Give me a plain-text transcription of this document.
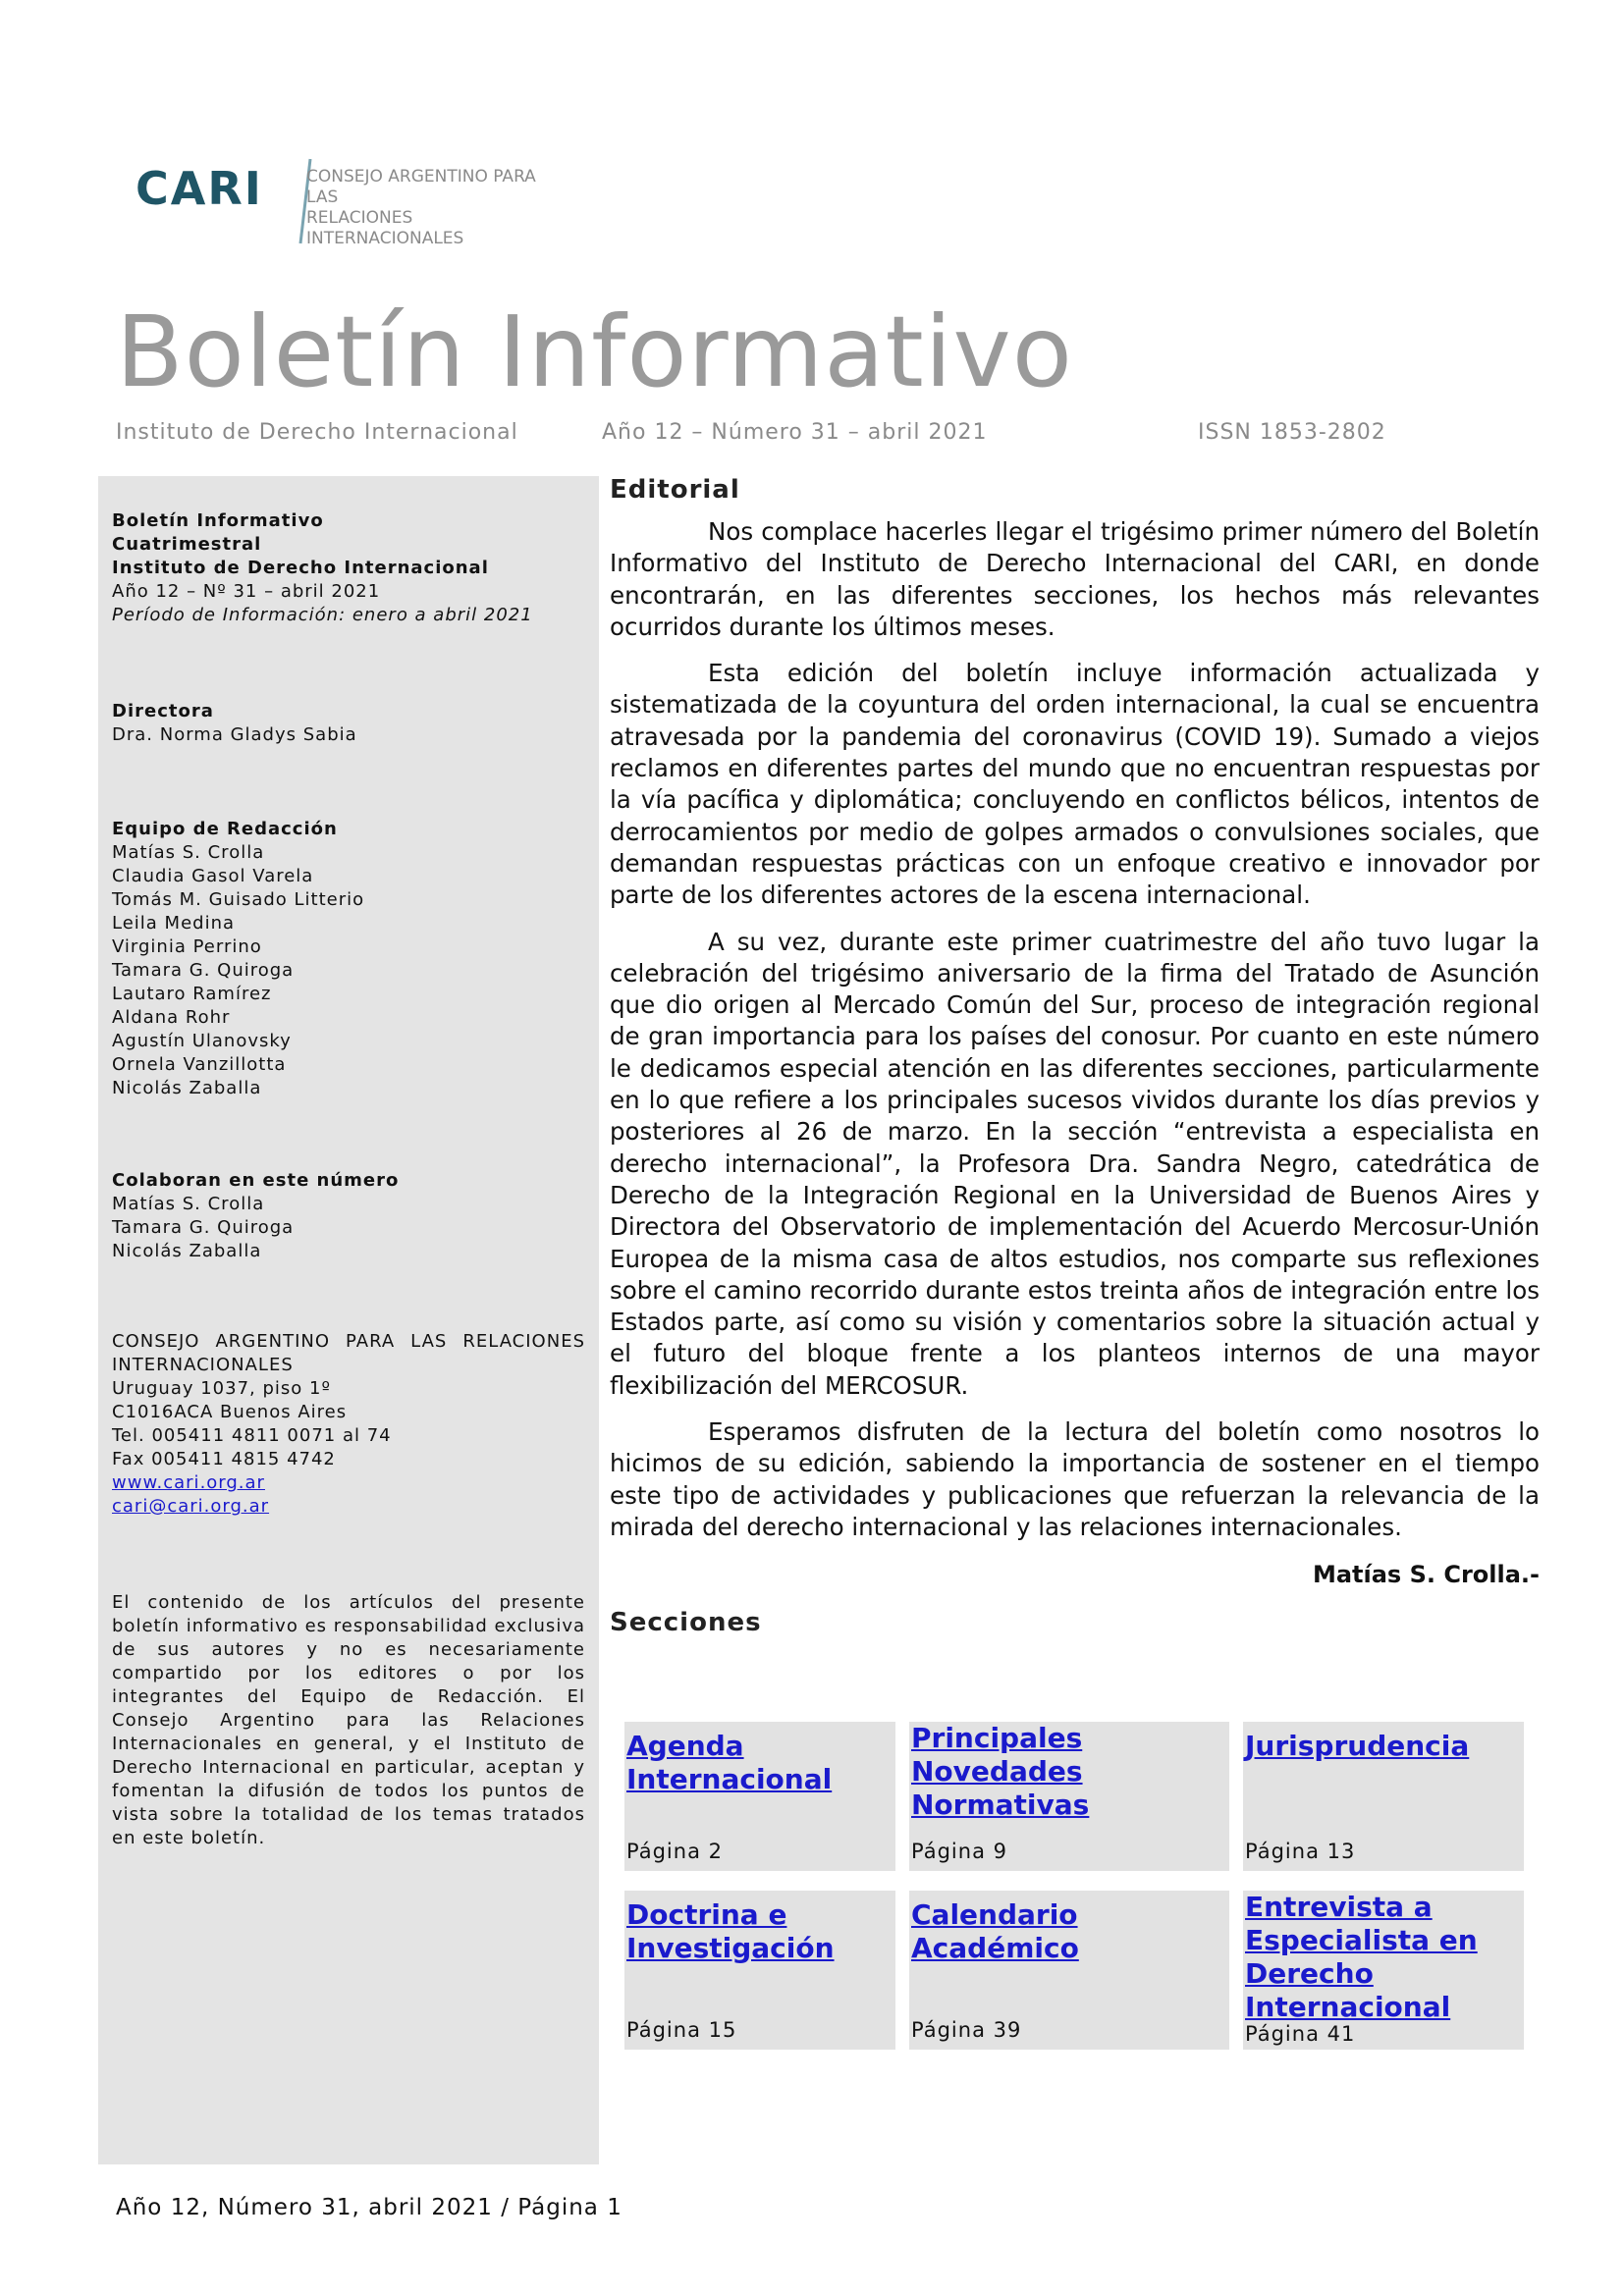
CARI	CONSEJO ARGENTINO PARA LAS
RELACIONES INTERNACIONALES
Boletín Informativo
Instituto de Derecho Internacional	Año 12 – Número 31 – abril 2021	ISSN 1853-2802
Boletín Informativo
Cuatrimestral
Instituto de Derecho Internacional
Año 12 – Nº 31 – abril 2021
Período de Información: enero a abril 2021
Directora
Dra. Norma Gladys Sabia
Equipo de Redacción
Matías S. Crolla
Claudia Gasol Varela
Tomás M. Guisado Litterio
Leila Medina
Virginia Perrino
Tamara G. Quiroga
Lautaro Ramírez
Aldana Rohr
Agustín Ulanovsky
Ornela Vanzillotta
Nicolás Zaballa
Colaboran en este número
Matías S. Crolla
Tamara G. Quiroga
Nicolás Zaballa
CONSEJO ARGENTINO PARA LAS RELACIONES INTERNACIONALES
Uruguay 1037, piso 1º
C1016ACA Buenos Aires
Tel. 005411 4811 0071 al 74
Fax 005411 4815 4742
www.cari.org.ar
cari@cari.org.ar
El contenido de los artículos del presente boletín informativo es responsabilidad exclusiva de sus autores y no es necesariamente compartido por los editores o por los integrantes del Equipo de Redacción. El Consejo Argentino para las Relaciones Internacionales en general, y el Instituto de Derecho Internacional en particular, aceptan y fomentan la difusión de todos los puntos de vista sobre la totalidad de los temas tratados en este boletín.
Editorial

Nos complace hacerles llegar el trigésimo primer número del Boletín Informativo del Instituto de Derecho Internacional del CARI, en donde encontrarán, en las diferentes secciones, los hechos más relevantes ocurridos durante los últimos meses.

Esta edición del boletín incluye información actualizada y sistematizada de la coyuntura del orden internacional, la cual se encuentra atravesada por la pandemia del coronavirus (COVID 19). Sumado a viejos reclamos en diferentes partes del mundo que no encuentran respuestas por la vía pacífica y diplomática; concluyendo en conflictos bélicos, intentos de derrocamientos por medio de golpes armados o convulsiones sociales, que demandan respuestas prácticas con un enfoque creativo e innovador por parte de los diferentes actores de la escena internacional.

A su vez, durante este primer cuatrimestre del año tuvo lugar la celebración del trigésimo aniversario de la firma del Tratado de Asunción que dio origen al Mercado Común del Sur, proceso de integración regional de gran importancia para los países del conosur. Por cuanto en este número le dedicamos especial atención en las diferentes secciones, particularmente en lo que refiere a los principales sucesos vividos durante los días previos y posteriores al 26 de marzo. En la sección “entrevista a especialista en derecho internacional”, la Profesora Dra. Sandra Negro, catedrática de Derecho de la Integración Regional en la Universidad de Buenos Aires y Directora del Observatorio de implementación del Acuerdo Mercosur-Unión Europea de la misma casa de altos estudios, nos comparte sus reflexiones sobre el camino recorrido durante estos treinta años de integración entre los Estados parte, así como su visión y comentarios sobre la situación actual y el futuro del bloque frente a los planteos internos de una mayor flexibilización del MERCOSUR.

Esperamos disfruten de la lectura del boletín como nosotros lo hicimos de su edición, sabiendo la importancia de sostener en el tiempo este tipo de actividades y publicaciones que refuerzan la relevancia de la mirada del derecho internacional y las relaciones internacionales.

Matías S. Crolla.-
Secciones
Agenda Internacional
Página 2
Principales Novedades Normativas
Página 9
Jurisprudencia
Página 13
Doctrina e Investigación
Página 15
Calendario Académico
Página 39
Entrevista a Especialista en Derecho Internacional
Página 41
Año 12, Número 31, abril 2021 / Página 1
